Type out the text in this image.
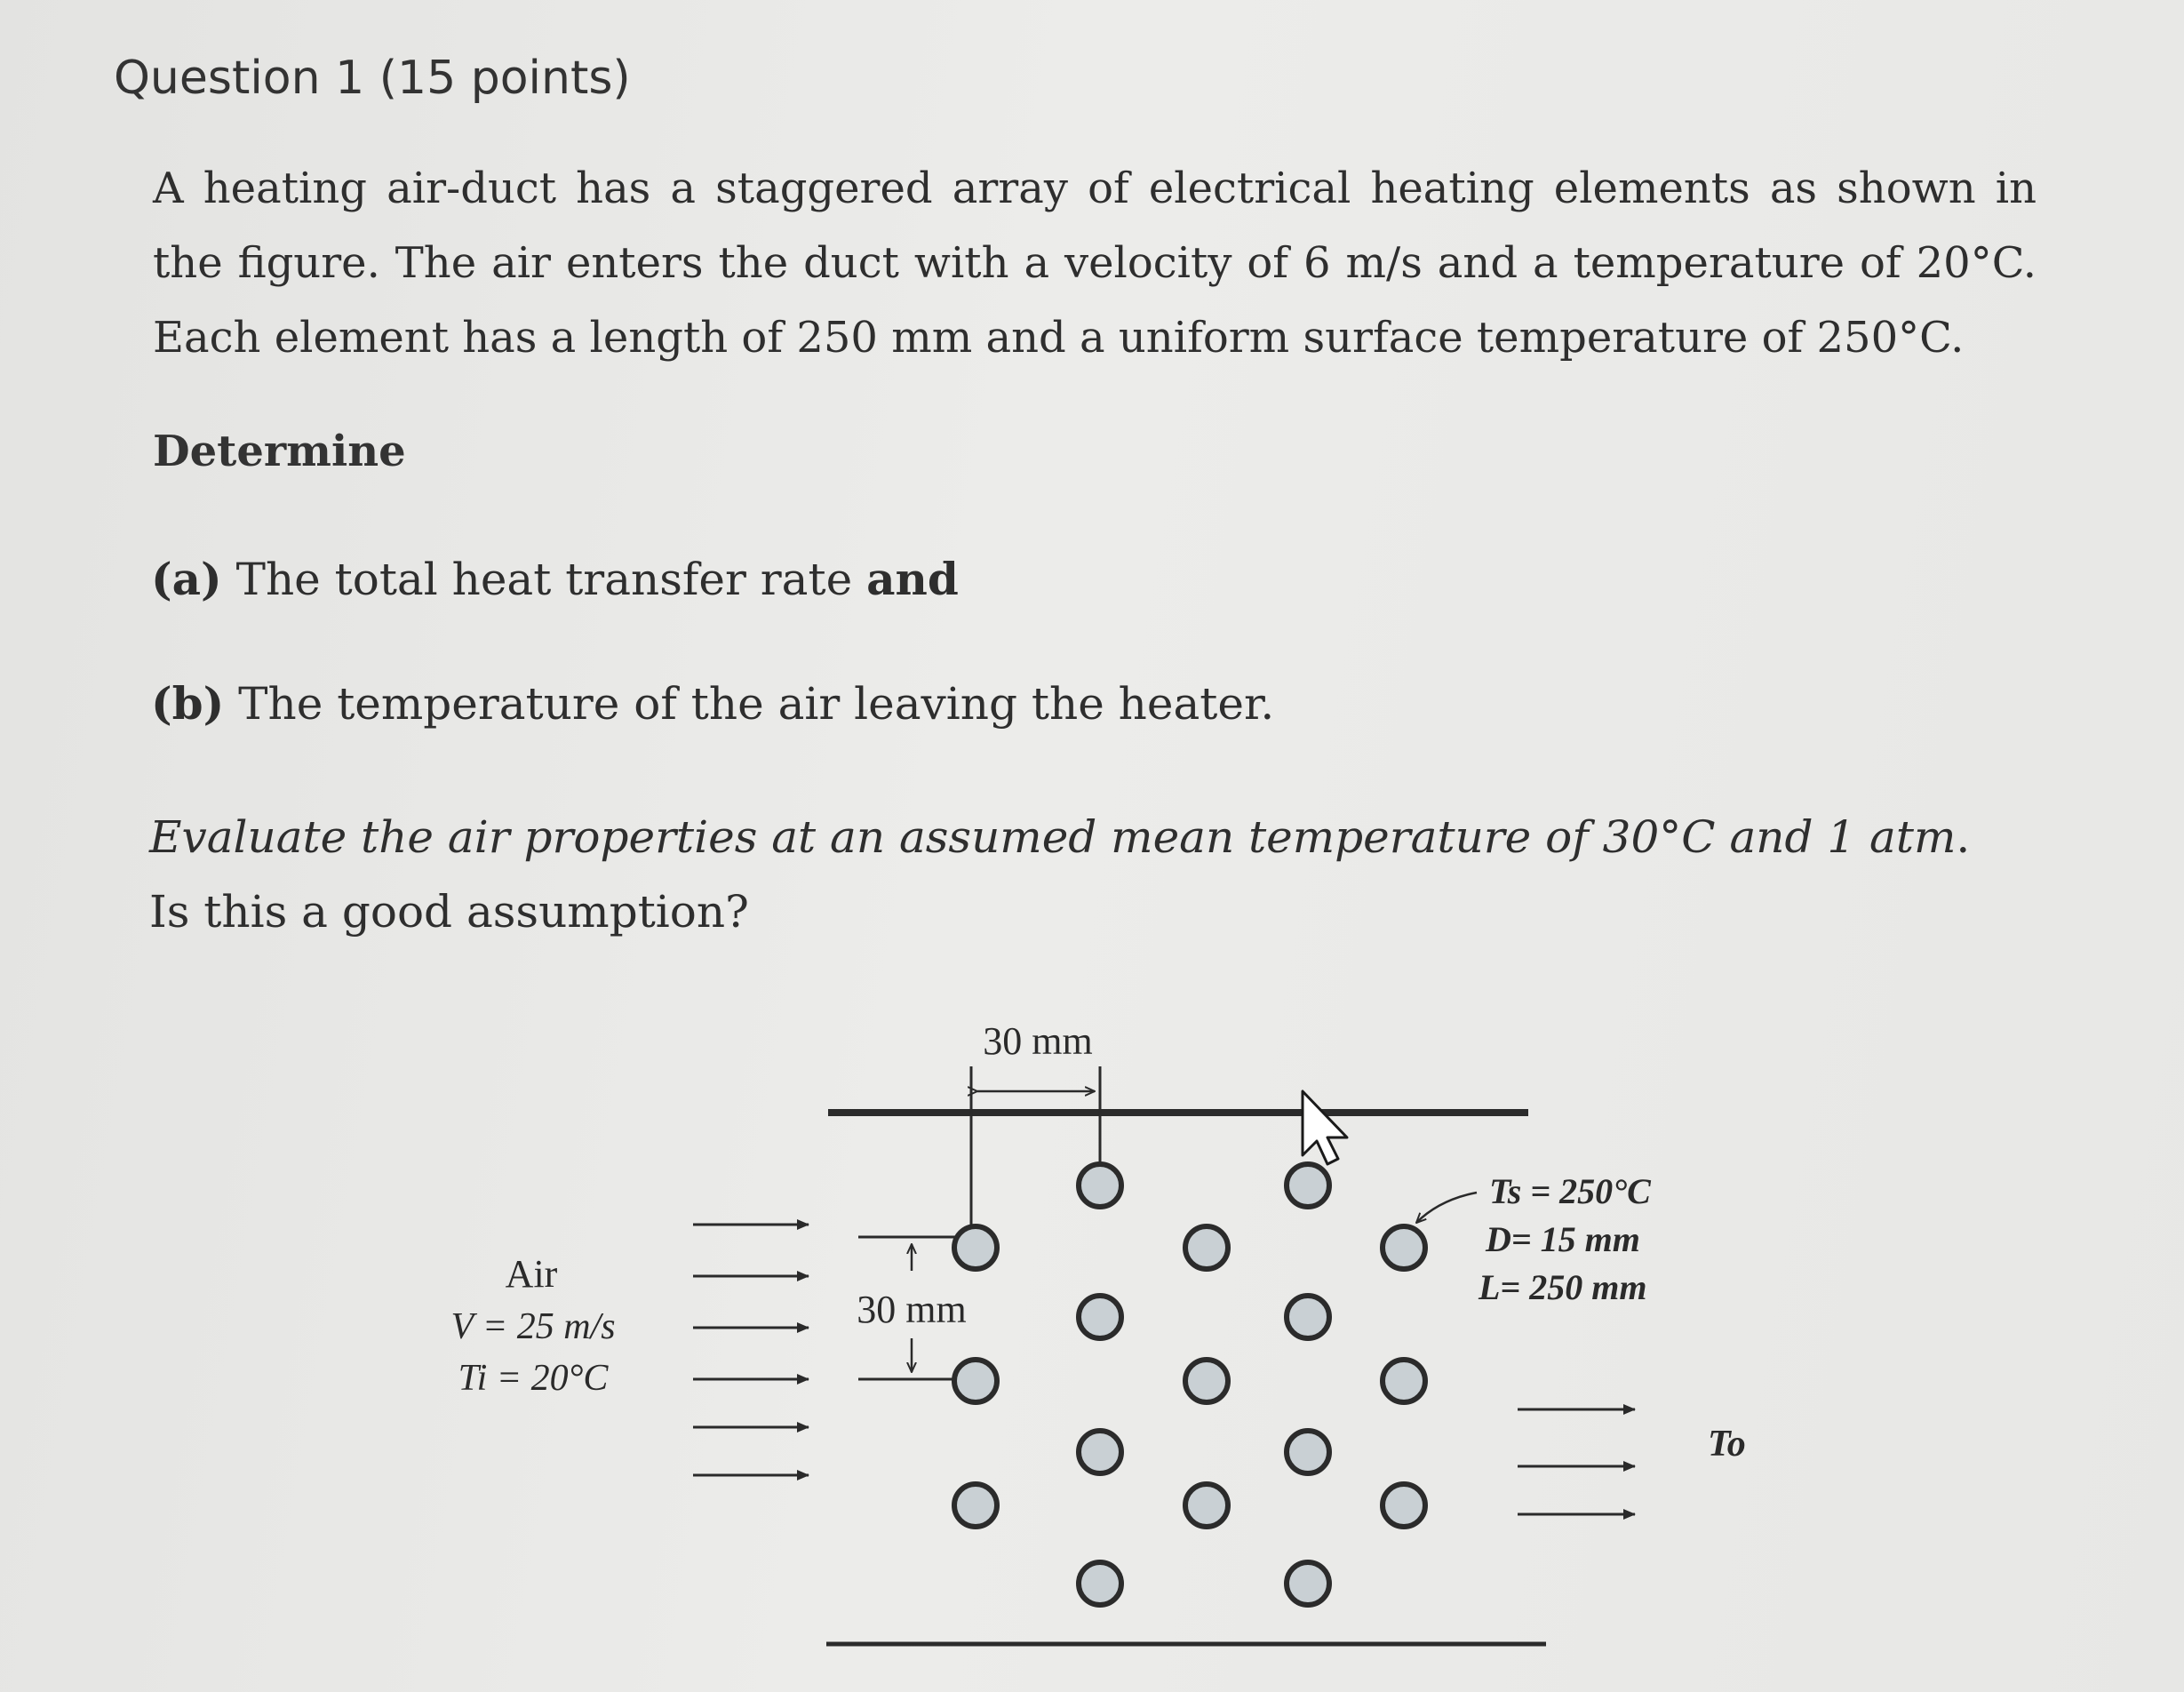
Question 1 (15 points)
A heating air-duct has a staggered array of electrical heating elements as shown in the figure. The air enters the duct with a velocity of 6 m/s and a temperature of 20°C. Each element has a length of 250 mm and a uniform surface temperature of 250°C.
Determine
(a) The total heat transfer rate and
(b) The temperature of the air leaving the heater.
Evaluate the air properties at an assumed mean temperature of 30°C and 1 atm. Is this a good assumption?
30 mm
30 mm
Air
V = 25 m/s
Ti = 20°C
Ts = 250°C
D= 15 mm
L= 250 mm
To
